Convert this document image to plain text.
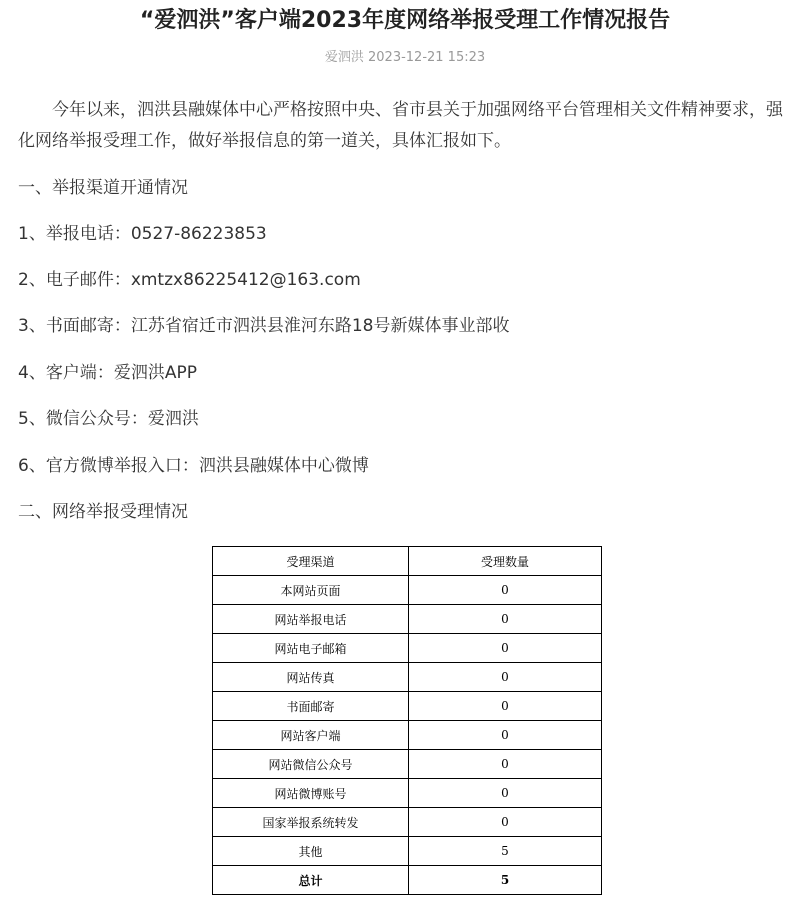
“爱泗洪”客户端2023年度网络举报受理工作情况报告
爱泗洪 2023-12-21 15:23

今年以来，泗洪县融媒体中心严格按照中央、省市县关于加强网络平台管理相关文件精神要求，强化网络举报受理工作，做好举报信息的第一道关，具体汇报如下。

一、举报渠道开通情况
1、举报电话：0527-86223853
2、电子邮件：xmtzx86225412@163.com
3、书面邮寄：江苏省宿迁市泗洪县淮河东路18号新媒体事业部收
4、客户端：爱泗洪APP
5、微信公众号：爱泗洪
6、官方微博举报入口：泗洪县融媒体中心微博
二、网络举报受理情况
受理渠道	受理数量
本网站页面	0
网站举报电话	0
网站电子邮箱	0
网站传真	0
书面邮寄	0
网站客户端	0
网站微信公众号	0
网站微博账号	0
国家举报系统转发	0
其他	5
总计	5
